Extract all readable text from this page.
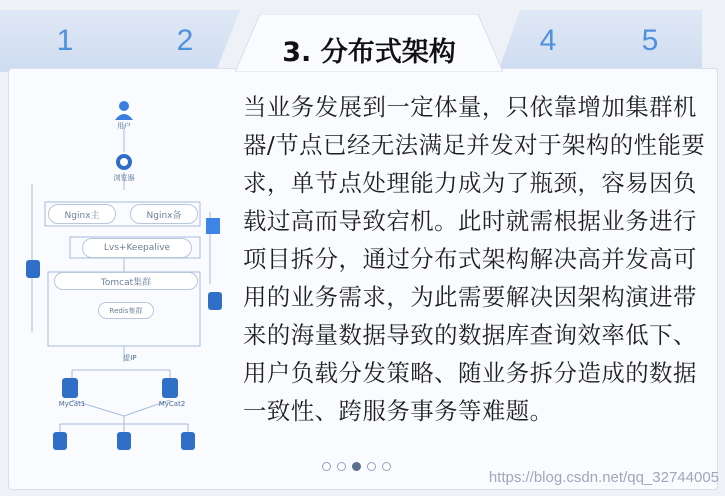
1	2	4	5
3. 分布式架构
用户
浏览器
Nginx主	Nginx备
Lvs+Keepalive
Tomcat集群
Redis集群
虚IP
MyCat1	MyCat2

当业务发展到一定体量，只依靠增加集群机器/节点已经无法满足并发对于架构的性能要求，单节点处理能力成为了瓶颈，容易因负载过高而导致宕机。此时就需根据业务进行项目拆分，通过分布式架构解决高并发高可用的业务需求，为此需要解决因架构演进带来的海量数据导致的数据库查询效率低下、用户负载分发策略、随业务拆分造成的数据一致性、跨服务事务等难题。

https://blog.csdn.net/qq_32744005
